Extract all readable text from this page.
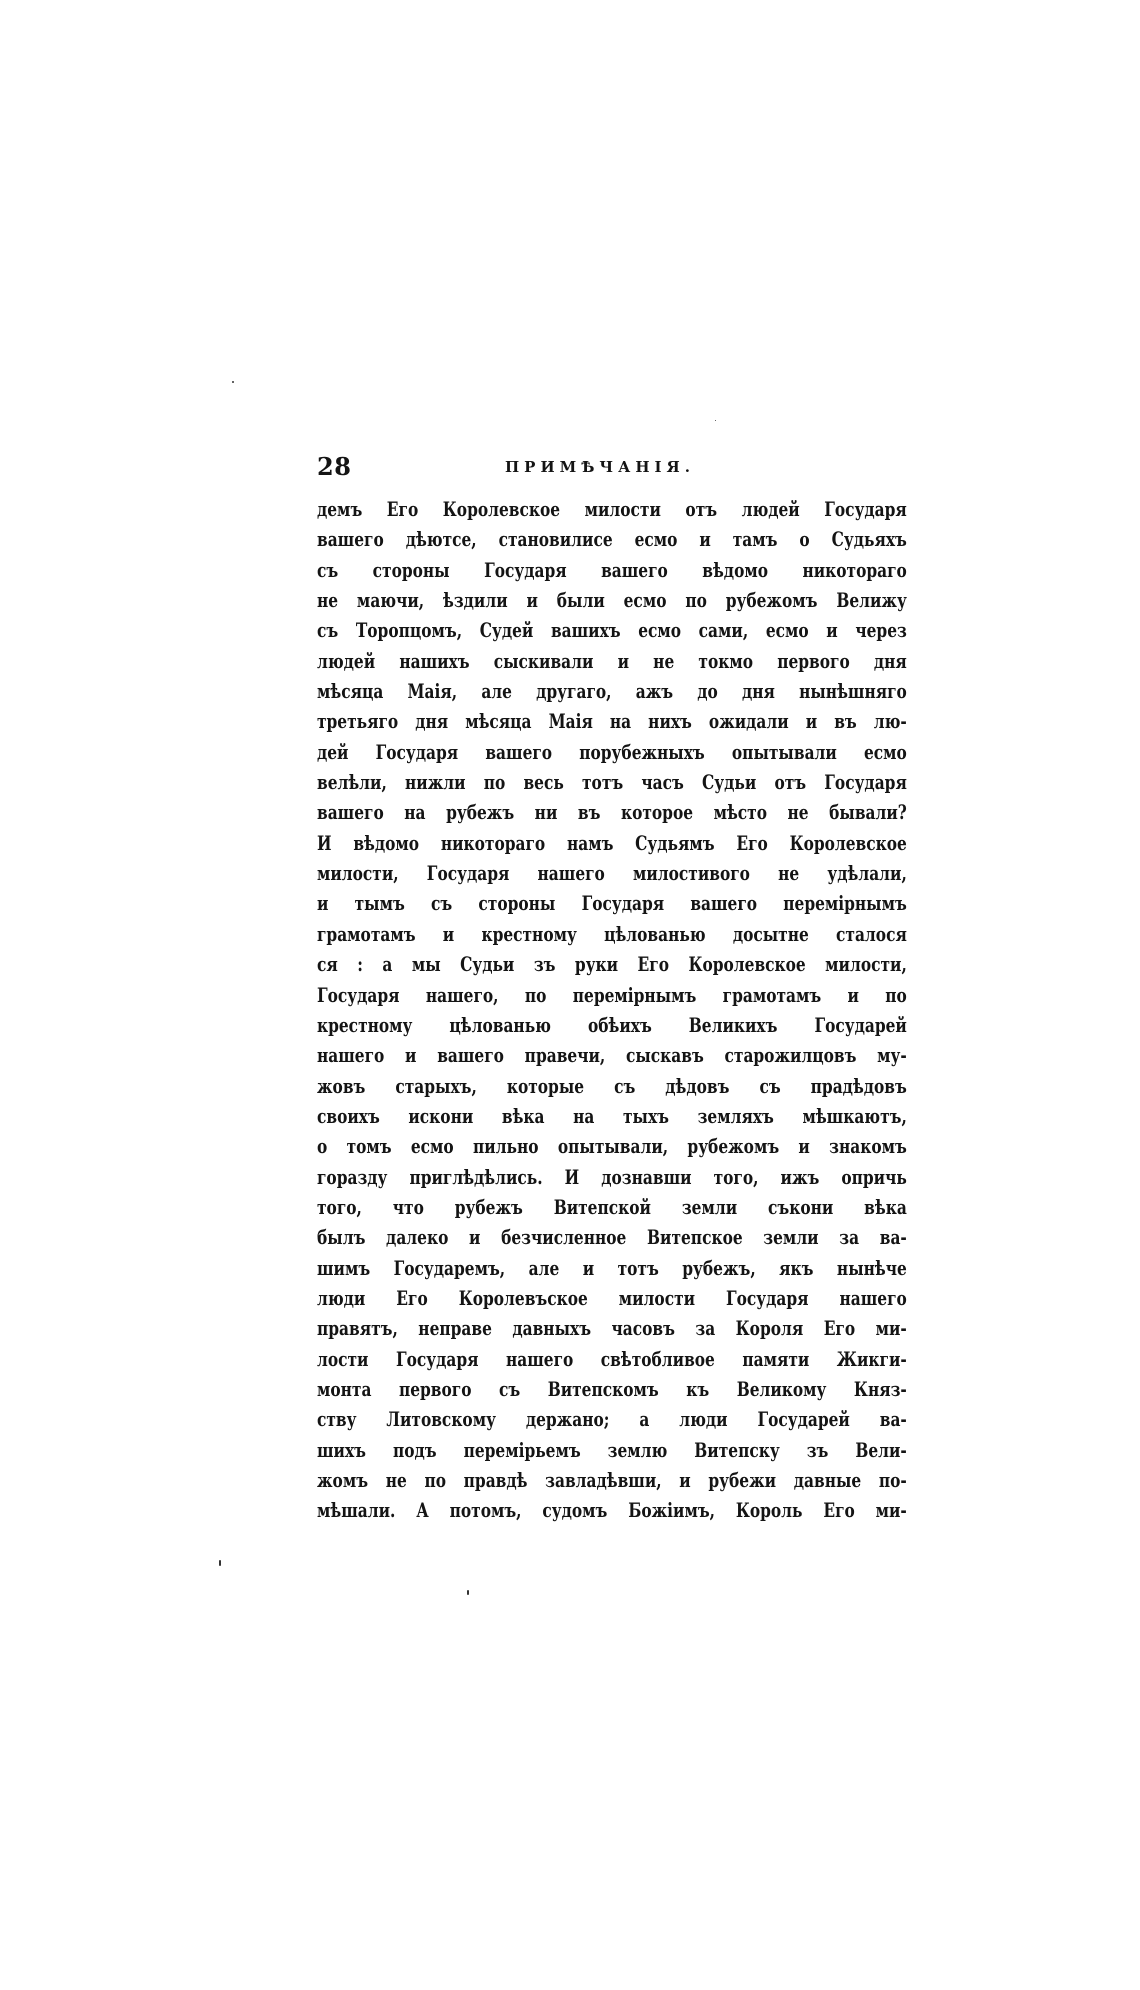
28	ПРИМѢЧАНІЯ.
демъ Его Королевское милости отъ людей Государя
вашего дѣютсе, становилисе есмо и тамъ о Судьяхъ
съ стороны Государя вашего вѣдомо никотораго
не маючи, ѣздили и были есмо по рубежомъ Велижу
съ Торопцомъ, Судей вашихъ есмо сами, есмо и через
людей нашихъ сыскивали и не токмо первого дня
мѣсяца Маія, але другаго, ажъ до дня нынѣшняго
третьяго дня мѣсяца Маія на нихъ ожидали и въ лю-
дей Государя вашего порубежныхъ опытывали есмо
велѣли, нижли по весь тотъ часъ Судьи отъ Государя
вашего на рубежъ ни въ которое мѣсто не бывали?
И вѣдомо никотораго намъ Судьямъ Его Королевское
милости, Государя нашего милостивого не удѣлали,
и тымъ съ стороны Государя вашего перемірнымъ
грамотамъ и крестному цѣлованью досытне сталося
ся : а мы Судьи зъ руки Его Королевское милости,
Государя нашего, по перемірнымъ грамотамъ и по
крестному цѣлованью обѣихъ Великихъ Государей
нашего и вашего правечи, сыскавъ старожилцовъ му-
жовъ старыхъ, которые съ дѣдовъ съ прадѣдовъ
своихъ искони вѣка на тыхъ земляхъ мѣшкаютъ,
о томъ есмо пильно опытывали, рубежомъ и знакомъ
горазду приглѣдѣлись. И дознавши того, ижъ опричь
того, что рубежъ Витепской земли съкони вѣка
былъ далеко и безчисленное Витепское земли за ва-
шимъ Государемъ, але и тотъ рубежъ, якъ нынѣче
люди Его Королевъское милости Государя нашего
правятъ, неправе давныхъ часовъ за Короля Его ми-
лости Государя нашего свѣтобливое памяти Жикги-
монта первого съ Витепскомъ къ Великому Княз-
ству Литовскому держано; а люди Государей ва-
шихъ подъ перемірьемъ землю Витепску зъ Вели-
жомъ не по правдѣ завладѣвши, и рубежи давные по-
мѣшали. А потомъ, судомъ Божіимъ, Король Его ми-
